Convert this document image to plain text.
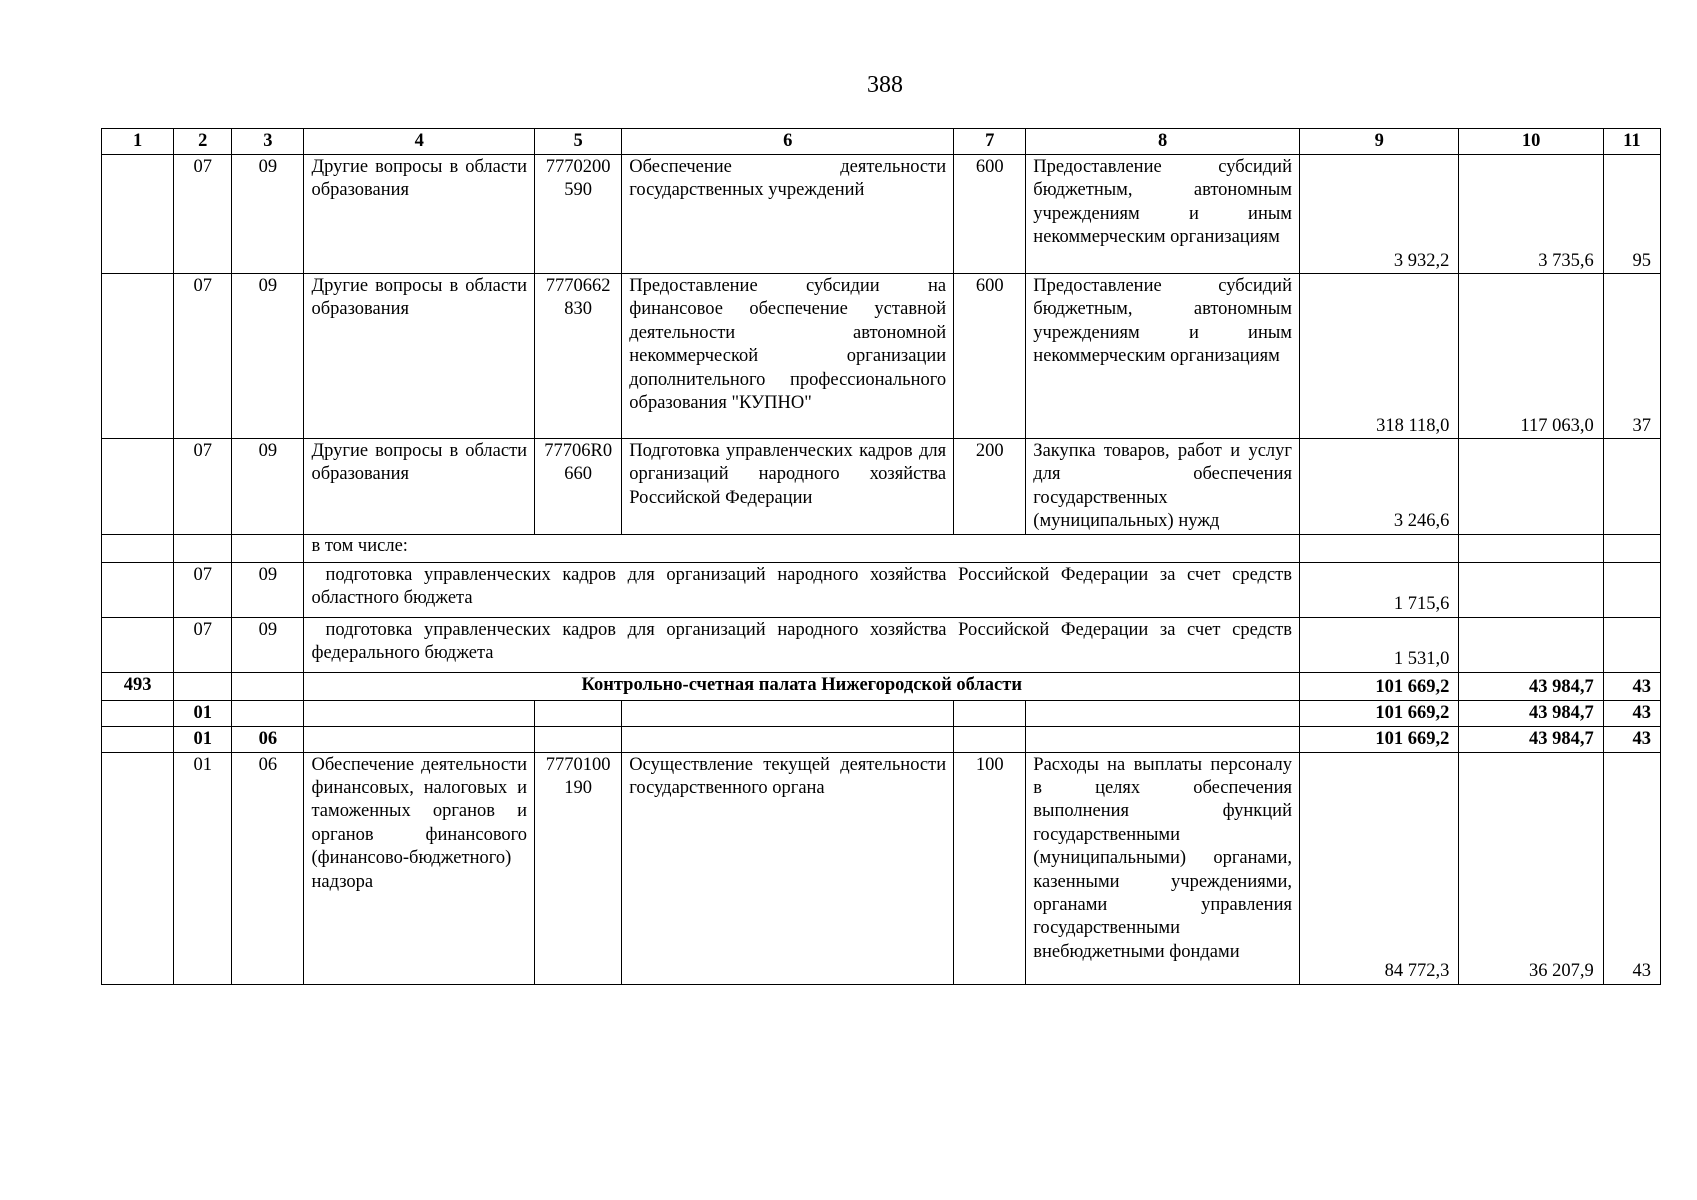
388
1	2	3	4	5	6	7	8	9	10	11
	07	09	Другие вопросы в области образования	7770200590	Обеспечение деятельности государственных учреждений	600	Предоставление субсидий бюджетным, автономным учреждениям и иным некоммерческим организациям	3 932,2	3 735,6	95
	07	09	Другие вопросы в области образования	7770662830	Предоставление субсидии на финансовое обеспечение уставной деятельности автономной некоммерческой организации дополнительного профессионального образования "КУПНО"	600	Предоставление субсидий бюджетным, автономным учреждениям и иным некоммерческим организациям	318 118,0	117 063,0	37
	07	09	Другие вопросы в области образования	77706R0660	Подготовка управленческих кадров для организаций народного хозяйства Российской Федерации	200	Закупка товаров, работ и услуг для обеспечения государственных (муниципальных) нужд	3 246,6		
			в том числе:							
	07	09	подготовка управленческих кадров для организаций народного хозяйства Российской Федерации за счет средств областного бюджета					1 715,6		
	07	09	подготовка управленческих кадров для организаций народного хозяйства Российской Федерации за счет средств федерального бюджета					1 531,0		
493			Контрольно-счетная палата Нижегородской области					101 669,2	43 984,7	43
	01							101 669,2	43 984,7	43
	01	06						101 669,2	43 984,7	43
	01	06	Обеспечение деятельности финансовых, налоговых и таможенных органов и органов финансового (финансово-бюджетного) надзора	7770100190	Осуществление текущей деятельности государственного органа	100	Расходы на выплаты персоналу в целях обеспечения выполнения функций государственными (муниципальными) органами, казенными учреждениями, органами управления государственными внебюджетными фондами	84 772,3	36 207,9	43
